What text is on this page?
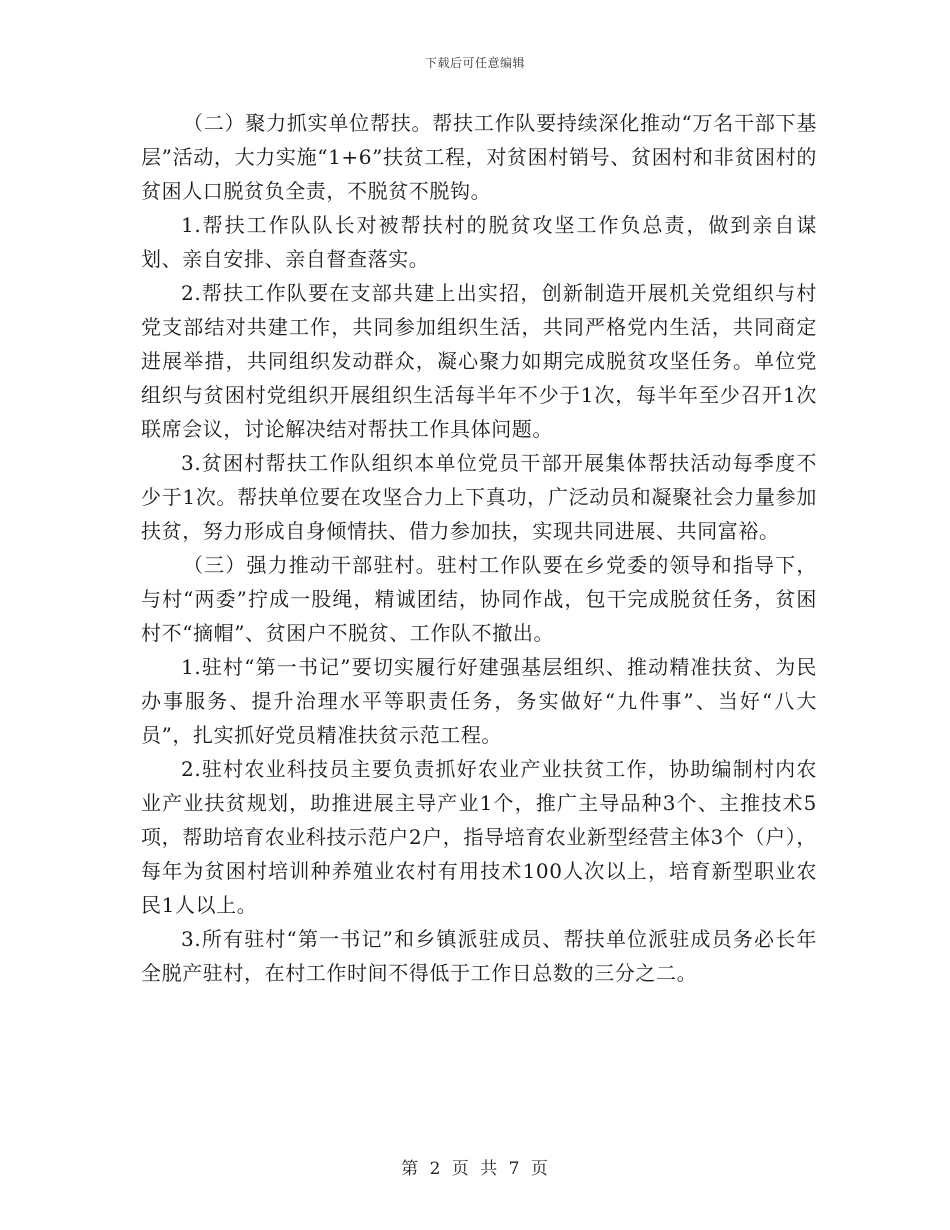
下载后可任意编辑

（二）聚力抓实单位帮扶。帮扶工作队要持续深化推动“万名干部下基层”活动，大力实施“1+6”扶贫工程，对贫困村销号、贫困村和非贫困村的贫困人口脱贫负全责，不脱贫不脱钩。

1.帮扶工作队队长对被帮扶村的脱贫攻坚工作负总责，做到亲自谋划、亲自安排、亲自督查落实。

2.帮扶工作队要在支部共建上出实招，创新制造开展机关党组织与村党支部结对共建工作，共同参加组织生活，共同严格党内生活，共同商定进展举措，共同组织发动群众，凝心聚力如期完成脱贫攻坚任务。单位党组织与贫困村党组织开展组织生活每半年不少于1次，每半年至少召开1次联席会议，讨论解决结对帮扶工作具体问题。

3.贫困村帮扶工作队组织本单位党员干部开展集体帮扶活动每季度不少于1次。帮扶单位要在攻坚合力上下真功，广泛动员和凝聚社会力量参加扶贫，努力形成自身倾情扶、借力参加扶，实现共同进展、共同富裕。

（三）强力推动干部驻村。驻村工作队要在乡党委的领导和指导下，与村“两委”拧成一股绳，精诚团结，协同作战，包干完成脱贫任务，贫困村不“摘帽”、贫困户不脱贫、工作队不撤出。

1.驻村“第一书记”要切实履行好建强基层组织、推动精准扶贫、为民办事服务、提升治理水平等职责任务，务实做好“九件事”、当好“八大员”，扎实抓好党员精准扶贫示范工程。

2.驻村农业科技员主要负责抓好农业产业扶贫工作，协助编制村内农业产业扶贫规划，助推进展主导产业1个，推广主导品种3个、主推技术5项，帮助培育农业科技示范户2户，指导培育农业新型经营主体3个（户），每年为贫困村培训种养殖业农村有用技术100人次以上，培育新型职业农民1人以上。

3.所有驻村“第一书记”和乡镇派驻成员、帮扶单位派驻成员务必长年全脱产驻村，在村工作时间不得低于工作日总数的三分之二。

第 2 页 共 7 页
